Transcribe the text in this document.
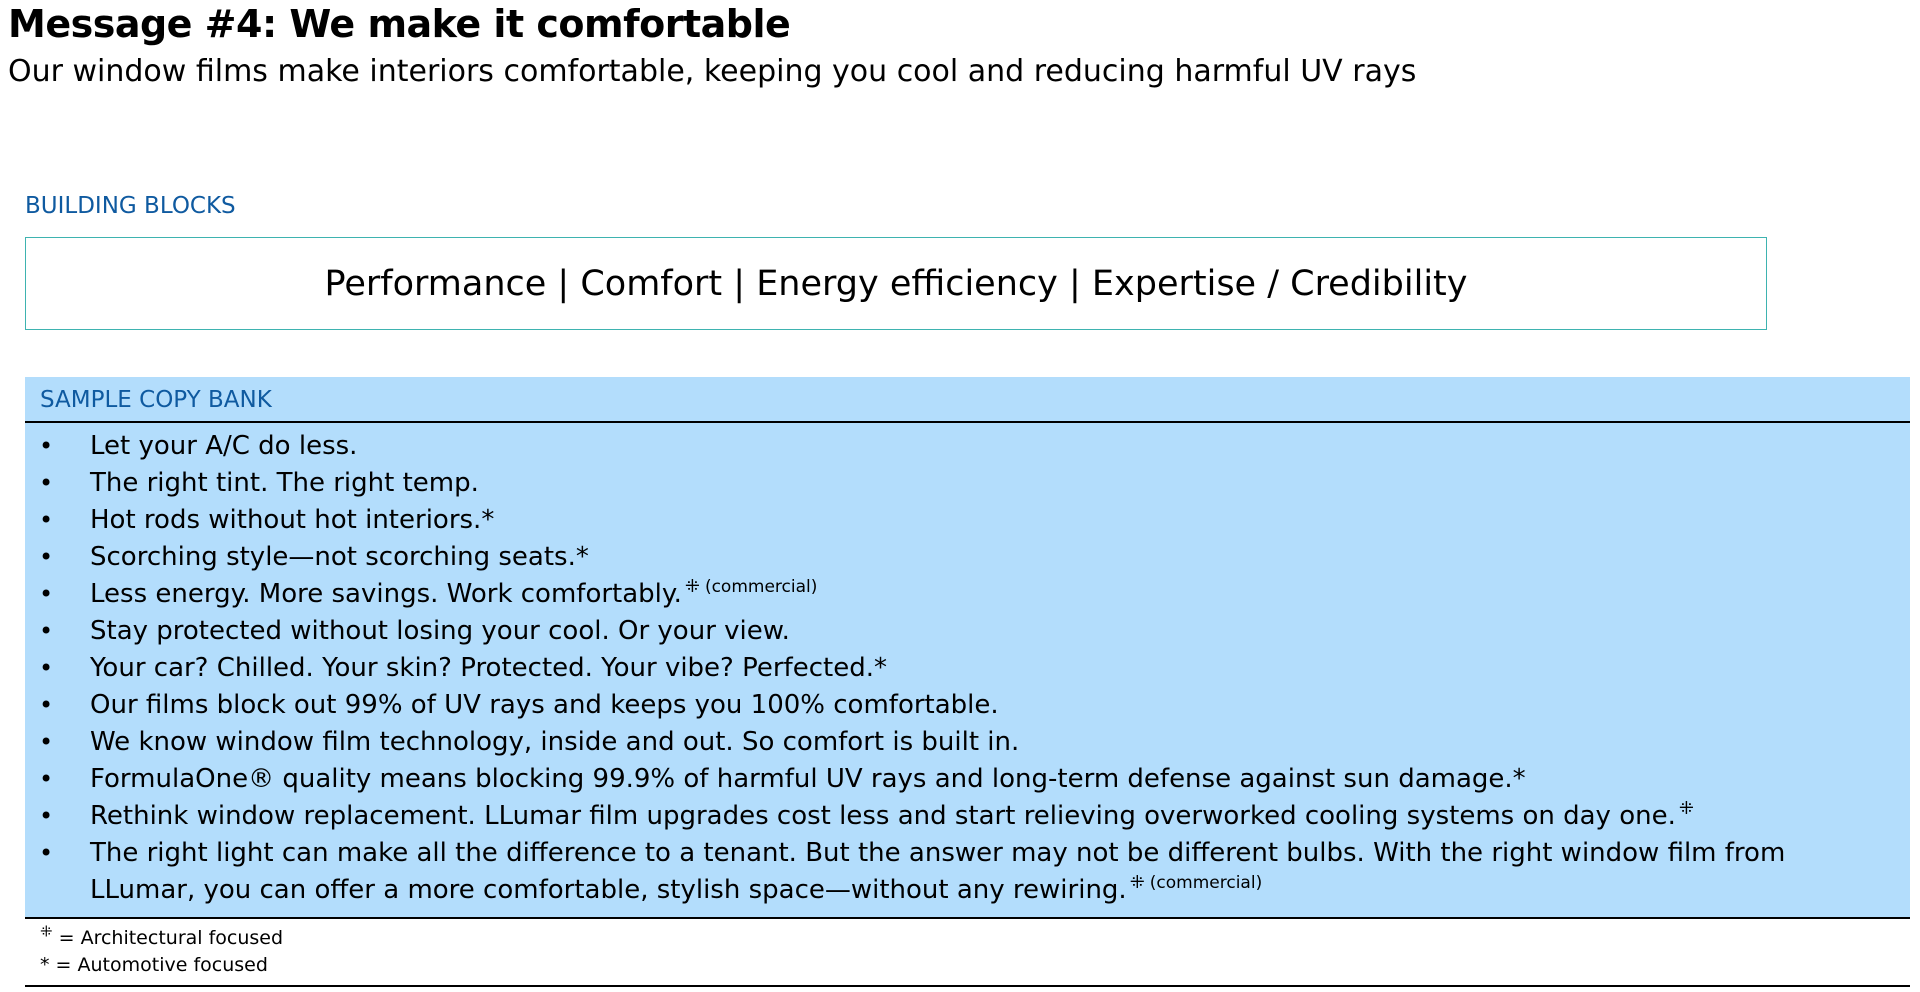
Message #4: We make it comfortable
Our window films make interiors comfortable, keeping you cool and reducing harmful UV rays
BUILDING BLOCKS
Performance | Comfort | Energy efficiency | Expertise / Credibility
SAMPLE COPY BANK
• Let your A/C do less.
• The right tint. The right temp.
• Hot rods without hot interiors.*
• Scorching style—not scorching seats.*
• Less energy. More savings. Work comfortably. ⁜ $^{(commercial)}$
• Stay protected without losing your cool. Or your view.
• Your car? Chilled. Your skin? Protected. Your vibe? Perfected.*
• Our films block out 99% of UV rays and keeps you 100% comfortable.
• We know window film technology, inside and out. So comfort is built in.
• FormulaOne® quality means blocking 99.9% of harmful UV rays and long-term defense against sun damage.*
• Rethink window replacement. LLumar film upgrades cost less and start relieving overworked cooling systems on day one. ⁜
• The right light can make all the difference to a tenant. But the answer may not be different bulbs. With the right window film from LLumar, you can offer a more comfortable, stylish space—without any rewiring. ⁜ $^{(commercial)}$
⁜ = Architectural focused
* = Automotive focused
